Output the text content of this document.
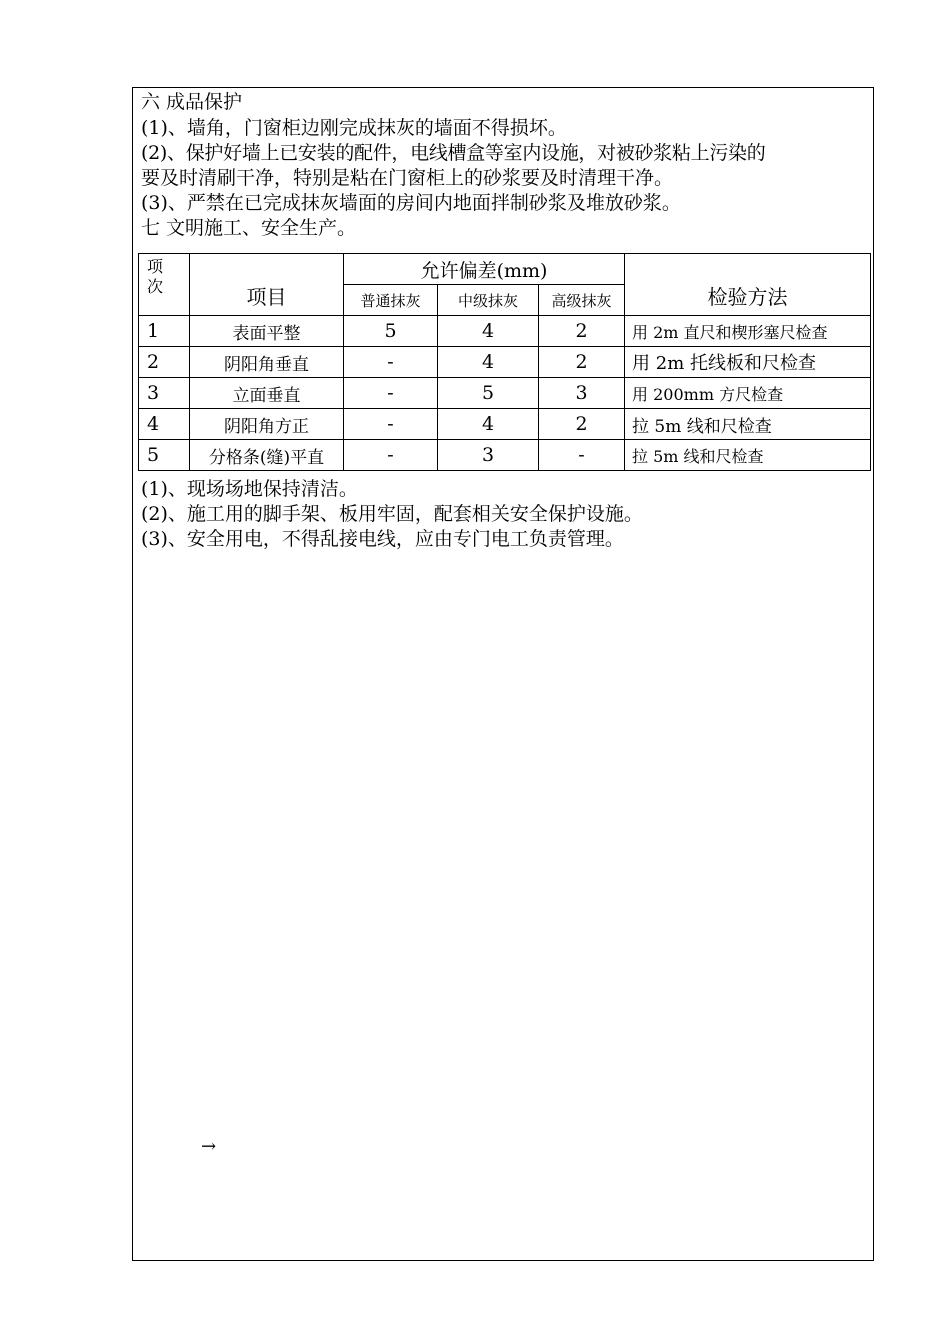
六 成品保护
(1)、墙角，门窗柜边刚完成抹灰的墙面不得损坏。
(2)、保护好墙上已安装的配件，电线槽盒等室内设施，对被砂浆粘上污染的
要及时清刷干净，特别是粘在门窗柜上的砂浆要及时清理干净。
(3)、严禁在已完成抹灰墙面的房间内地面拌制砂浆及堆放砂浆。
七 文明施工、安全生产。
项次	项目	允许偏差(mm)			检验方法
		普通抹灰	中级抹灰	高级抹灰	
1	表面平整	5	4	2	用 2m 直尺和楔形塞尺检查
2	阴阳角垂直	-	4	2	用 2m 托线板和尺检查
3	立面垂直	-	5	3	用 200mm 方尺检查
4	阴阳角方正	-	4	2	拉 5m 线和尺检查
5	分格条(缝)平直	-	3	-	拉 5m 线和尺检查
(1)、现场场地保持清洁。
(2)、施工用的脚手架、板用牢固，配套相关安全保护设施。
(3)、安全用电，不得乱接电线，应由专门电工负责管理。
→
